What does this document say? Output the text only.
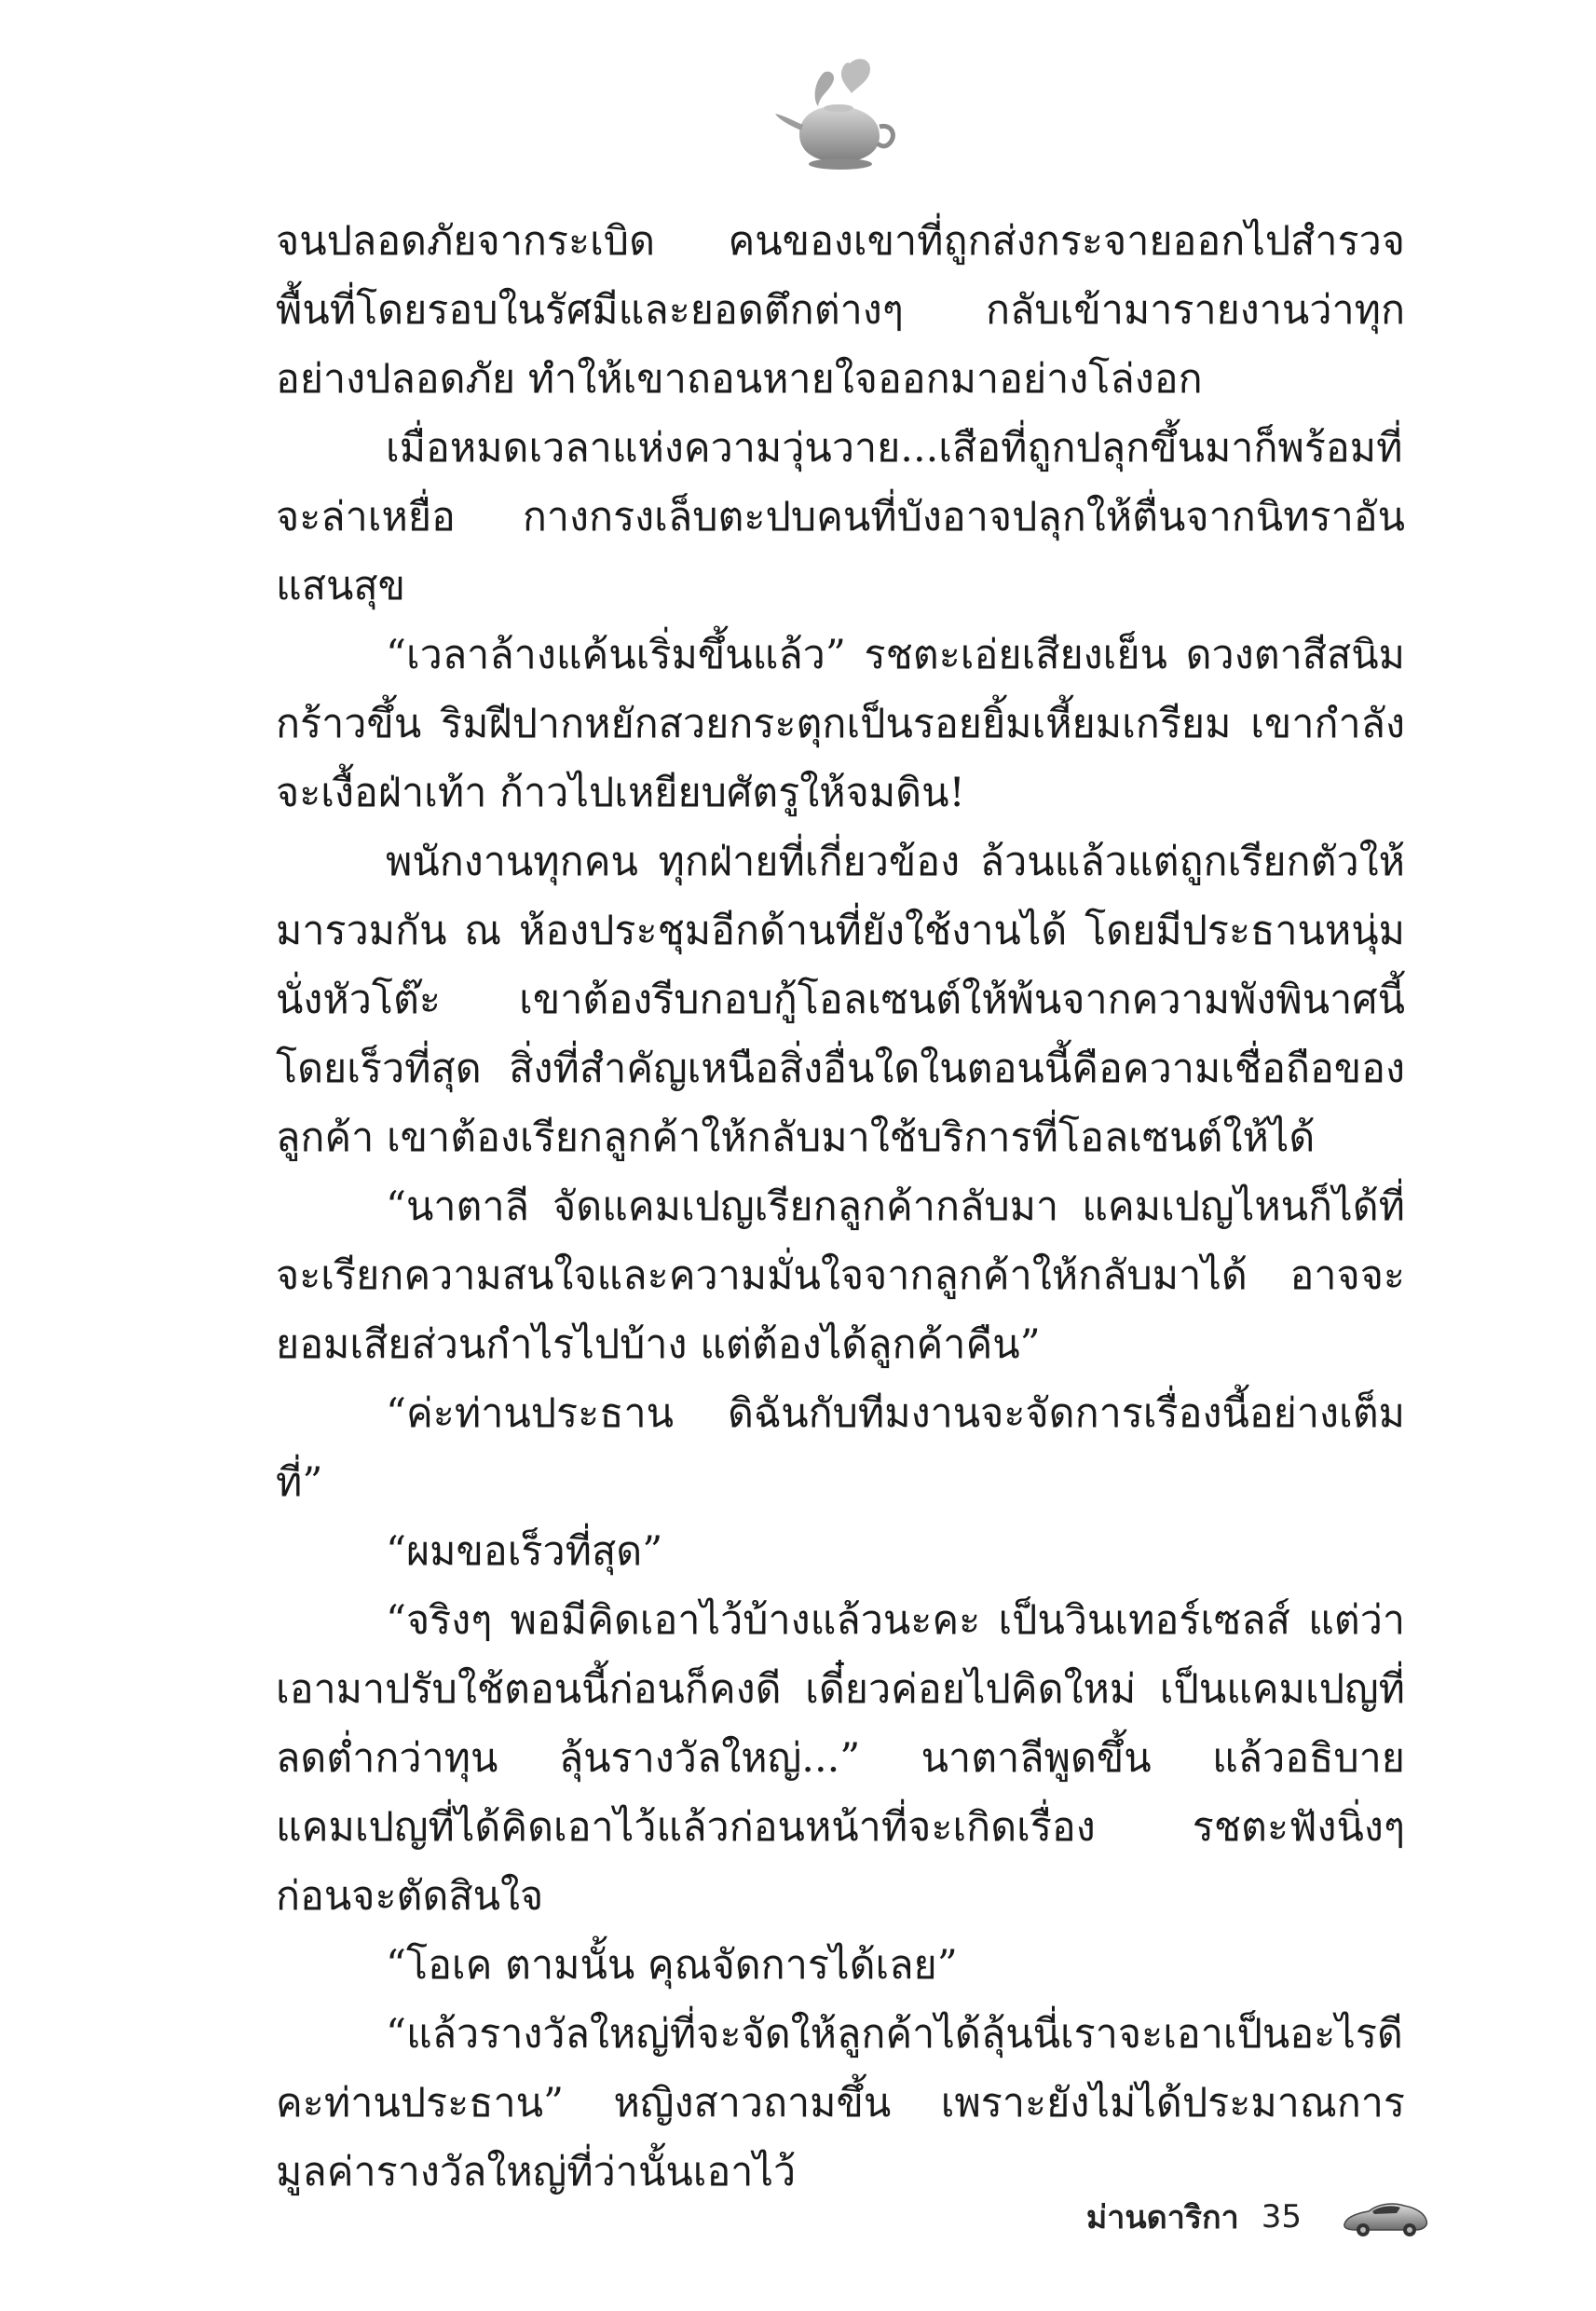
จนปลอดภัยจากระเบิด คนของเขาที่ถูกส่งกระจายออกไปสำรวจพื้นที่โดยรอบในรัศมีและยอดตึกต่างๆ กลับเข้ามารายงานว่าทุกอย่างปลอดภัย ทำให้เขาถอนหายใจออกมาอย่างโล่งอก

เมื่อหมดเวลาแห่งความวุ่นวาย...เสือที่ถูกปลุกขึ้นมาก็พร้อมที่จะล่าเหยื่อ กางกรงเล็บตะปบคนที่บังอาจปลุกให้ตื่นจากนิทราอันแสนสุข

“เวลาล้างแค้นเริ่มขึ้นแล้ว” รชตะเอ่ยเสียงเย็น ดวงตาสีสนิมกร้าวขึ้น ริมฝีปากหยักสวยกระตุกเป็นรอยยิ้มเหี้ยมเกรียม เขากำลังจะเงื้อฝ่าเท้า ก้าวไปเหยียบศัตรูให้จมดิน!

พนักงานทุกคน ทุกฝ่ายที่เกี่ยวข้อง ล้วนแล้วแต่ถูกเรียกตัวให้มารวมกัน ณ ห้องประชุมอีกด้านที่ยังใช้งานได้ โดยมีประธานหนุ่มนั่งหัวโต๊ะ เขาต้องรีบกอบกู้โอลเซนต์ให้พ้นจากความพังพินาศนี้โดยเร็วที่สุด สิ่งที่สำคัญเหนือสิ่งอื่นใดในตอนนี้คือความเชื่อถือของลูกค้า เขาต้องเรียกลูกค้าให้กลับมาใช้บริการที่โอลเซนต์ให้ได้

“นาตาลี จัดแคมเปญเรียกลูกค้ากลับมา แคมเปญไหนก็ได้ที่จะเรียกความสนใจและความมั่นใจจากลูกค้าให้กลับมาได้ อาจจะยอมเสียส่วนกำไรไปบ้าง แต่ต้องได้ลูกค้าคืน”

“ค่ะท่านประธาน ดิฉันกับทีมงานจะจัดการเรื่องนี้อย่างเต็มที่”

“ผมขอเร็วที่สุด”

“จริงๆ พอมีคิดเอาไว้บ้างแล้วนะคะ เป็นวินเทอร์เซลส์ แต่ว่าเอามาปรับใช้ตอนนี้ก่อนก็คงดี เดี๋ยวค่อยไปคิดใหม่ เป็นแคมเปญที่ลดต่ำกว่าทุน ลุ้นรางวัลใหญ่...” นาตาลีพูดขึ้น แล้วอธิบายแคมเปญที่ได้คิดเอาไว้แล้วก่อนหน้าที่จะเกิดเรื่อง รชตะฟังนิ่งๆ ก่อนจะตัดสินใจ

“โอเค ตามนั้น คุณจัดการได้เลย”

“แล้วรางวัลใหญ่ที่จะจัดให้ลูกค้าได้ลุ้นนี่เราจะเอาเป็นอะไรดีคะท่านประธาน” หญิงสาวถามขึ้น เพราะยังไม่ได้ประมาณการมูลค่ารางวัลใหญ่ที่ว่านั้นเอาไว้

ม่านดาริกา 35
